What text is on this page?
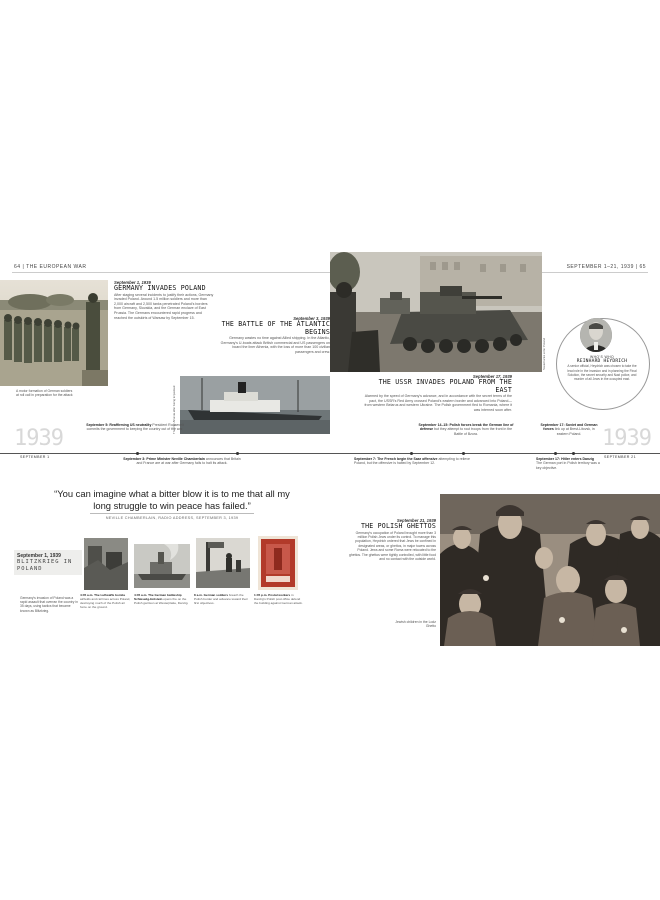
64 | THE EUROPEAN WAR	SEPTEMBER 1–21, 1939 | 65
A motor formation of German soldiers at roll call in preparation for the attack
September 1, 1939
GERMANY INVADES POLAND
After staging several incidents to justify their actions, Germany invaded Poland. Around 1.5 million soldiers and more than 2,000 aircraft and 2,500 tanks penetrated Poland's borders from Germany, Slovakia, and the German enclave of East Prussia. The Germans encountered rapid progress and reached the outskirts of Warsaw by September 15.	September 3, 1939
THE BATTLE OF THE ATLANTIC BEGINS
Germany wastes no time against Allied shipping. In the Atlantic, Germany's U-boats attack British commercial and US passengers on board the liner Athenia, with the loss of more than 100 civilian passengers and crew.
The liner Athenia after being torpedoed
Soviet tanks enter Poland
September 17, 1939
THE USSR INVADES POLAND FROM THE EAST
Alarmed by the speed of Germany's advance, and in accordance with the secret terms of the pact, the USSR's Red Army crossed Poland's eastern border and advanced into Poland—from western Belarus and western Ukraine. The Polish government fled to Romania, where it was interned soon after.
WHO'S WHO
REINHARD HEYDRICH
A senior official, Heydrich was chosen to take the lead role in the invasion and in planning the Final Solution, the secret security and Nazi police, and murder of all Jews in the occupied east.
1939	1939
SEPTEMBER 1	SEPTEMBER 21
September 5: Reaffirming US neutrality President Roosevelt commits the government to keeping the country out of the war.
September 14–15: Polish forces break the German line of defense but they attempt to rout troops from the front in the Battle of Bzura.
September 17: Soviet and German forces link up at Brest-Litovsk, in eastern Poland.
September 3: Prime Minister Neville Chamberlain announces that Britain and France are at war after Germany fails to halt its attack.
September 7: The French begin the Saar offensive attempting to relieve Poland, but the offensive is halted by September 12.
September 17: Hitler enters Danzig The German port in Polish territory was a key objective.
“You can imagine what a bitter blow it is to me that all my long struggle to win peace has failed.”
NEVILLE CHAMBERLAIN, RADIO ADDRESS, SEPTEMBER 3, 1939
September 1, 1939
BLITZKRIEG IN POLAND
Germany's invasion of Poland was a rapid assault that overran the country in 35 days, using tactics that became known as Blitzkrieg.
4:45 a.m. The Luftwaffe bombs airfields and rail lines across Poland, destroying much of the Polish air force on the ground.
4:45 a.m. The German battleship Schleswig-Holstein opens fire on the Polish garrison at Westerplatte, Danzig.
8 a.m. German soldiers breach the Polish border and advance toward their first objectives.
1:45 p.m. Postal workers in Danzig's Polish post office defend the building against German attack.
September 21, 1939
THE POLISH GHETTOS
Germany's occupation of Poland brought more than 3 million Polish Jews under its control. To manage this population, Heydrich ordered that Jews be confined in designated areas, or ghettos, in major towns across Poland. Jews and some Roma were relocated to the ghettos. The ghettos were tightly controlled, with little food and no contact with the outside world.
Jewish children in the Lodz Ghetto
